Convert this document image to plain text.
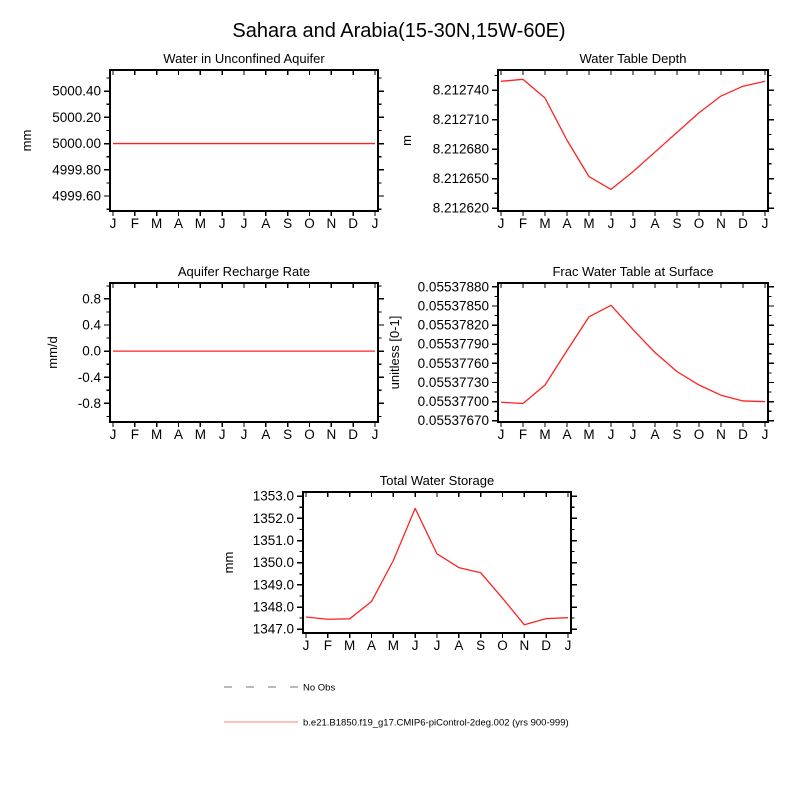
Sahara and Arabia(15-30N,15W-60E)
Water in Unconfined Aquifer
mm
J F M A M J J A S O N D J
5000.40
5000.20
5000.00
4999.80
4999.60
Water Table Depth
m
J F M A M J J A S O N D J
8.212740
8.212710
8.212680
8.212650
8.212620
Aquifer Recharge Rate
mm/d
J F M A M J J A S O N D J
0.8
0.4
0.0
-0.4
-0.8
Frac Water Table at Surface
unitless [0-1]
J F M A M J J A S O N D J
0.05537880
0.05537850
0.05537820
0.05537790
0.05537760
0.05537730
0.05537700
0.05537670
Total Water Storage
mm
J F M A M J J A S O N D J
1353.0
1352.0
1351.0
1350.0
1349.0
1348.0
1347.0
No Obs
b.e21.B1850.f19_g17.CMIP6-piControl-2deg.002 (yrs 900-999)
